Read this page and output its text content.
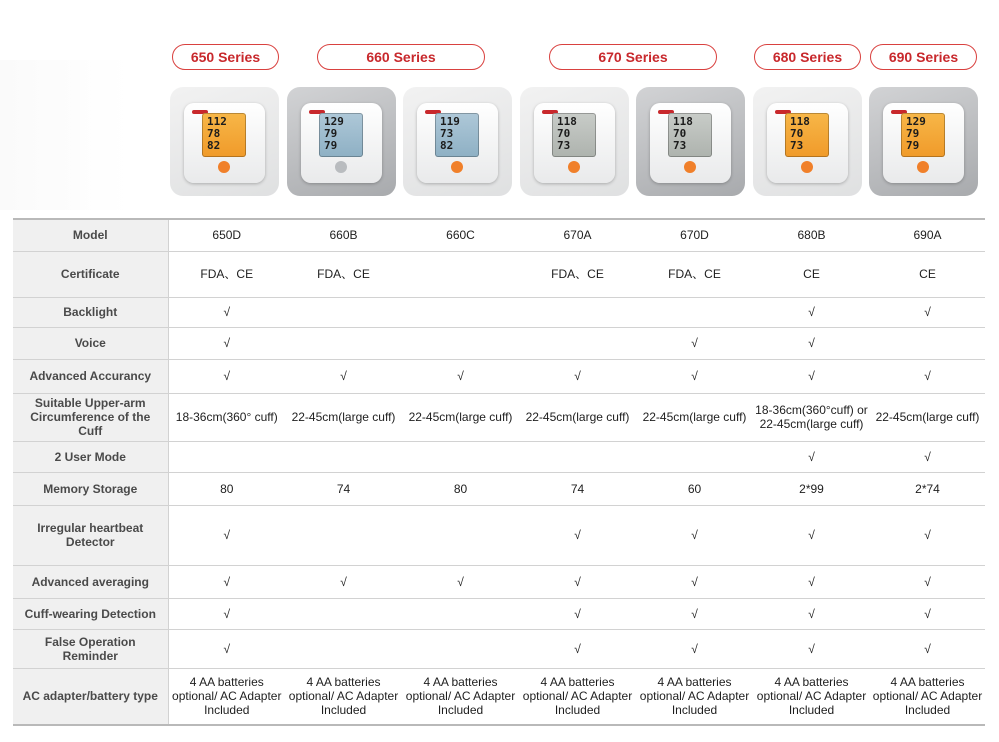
650 Series	660 Series	670 Series	680 Series	690 Series
112
78
82
129
79
79
119
73
82
118
70
73
118
70
73
118
70
73
129
79
79
Model	650D	660B	660C	670A	670D	680B	690A
Certificate	FDA、CE	FDA、CE		FDA、CE	FDA、CE	CE	CE
Backlight	√					√	√
Voice	√				√	√	
Advanced Accurancy	√	√	√	√	√	√	√
Suitable Upper-arm Circumference of the Cuff	18-36cm(360° cuff)	22-45cm(large cuff)	22-45cm(large cuff)	22-45cm(large cuff)	22-45cm(large cuff)	18-36cm(360°cuff) or 22-45cm(large cuff)	22-45cm(large cuff)
2 User Mode						√	√
Memory Storage	80	74	80	74	60	2*99	2*74
Irregular heartbeat Detector	√			√	√	√	√
Advanced averaging	√	√	√	√	√	√	√
Cuff-wearing Detection	√			√	√	√	√
False Operation Reminder	√			√	√	√	√
AC adapter/battery type	4 AA batteries optional/ AC Adapter Included	4 AA batteries optional/ AC Adapter Included	4 AA batteries optional/ AC Adapter Included	4 AA batteries optional/ AC Adapter Included	4 AA batteries optional/ AC Adapter Included	4 AA batteries optional/ AC Adapter Included	4 AA batteries optional/ AC Adapter Included
